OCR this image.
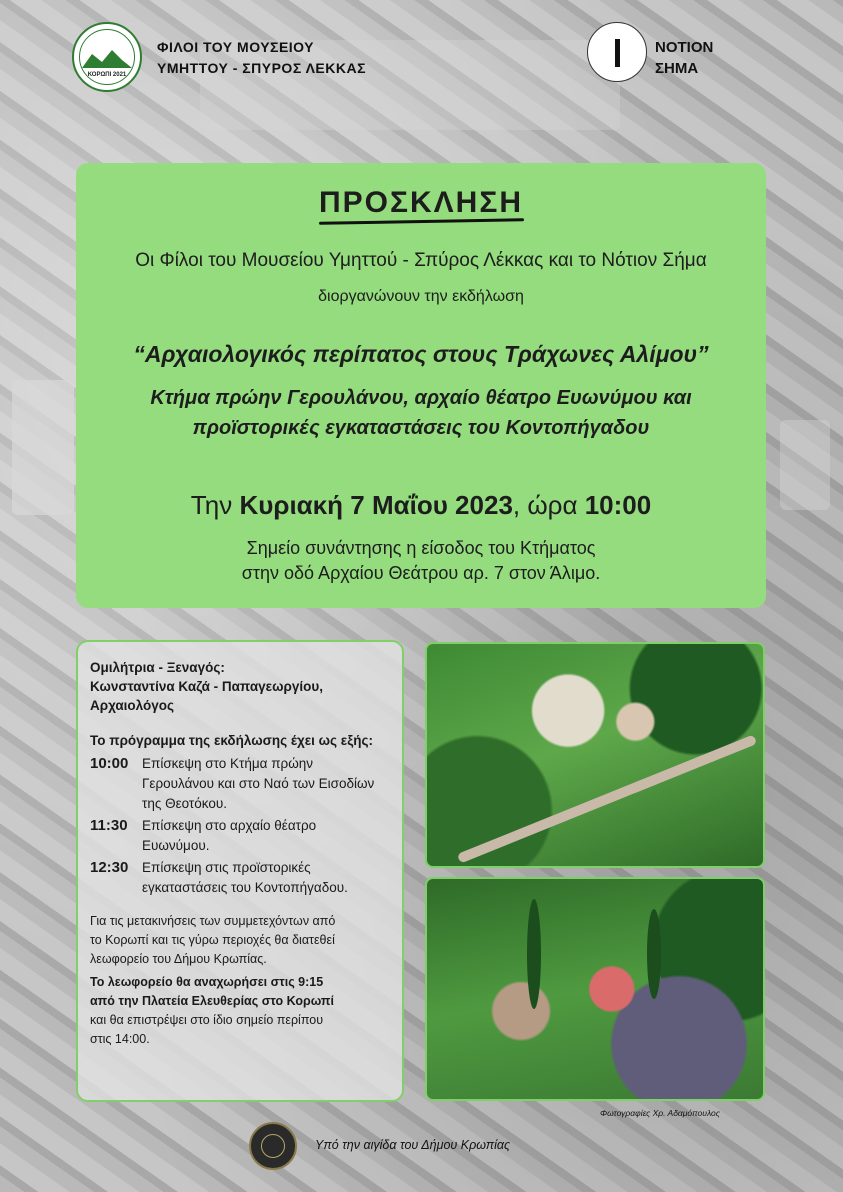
ΚΟΡΩΠΙ 2021
ΦΙΛΟΙ ΤΟΥ ΜΟΥΣΕΙΟΥ
ΥΜΗΤΤΟΥ - ΣΠΥΡΟΣ ΛΕΚΚΑΣ
ΝΟΤΙΟΝ
ΣΗΜΑ
ΠΡΟΣΚΛΗΣΗ
Οι Φίλοι του Μουσείου Υμηττού - Σπύρος Λέκκας και το Νότιον Σήμα
διοργανώνουν την εκδήλωση
“Αρχαιολογικός περίπατος στους Τράχωνες Αλίμου”
Κτήμα πρώην Γερουλάνου, αρχαίο θέατρο Ευωνύμου και
προϊστορικές εγκαταστάσεις του Κοντοπήγαδου
Την Κυριακή 7 Μαΐου 2023, ώρα 10:00
Σημείο συνάντησης η είσοδος του Κτήματος
στην οδό Αρχαίου Θεάτρου αρ. 7 στον Άλιμο.

Ομιλήτρια - Ξεναγός:

Κωνσταντίνα Καζά - Παπαγεωργίου,

Αρχαιολόγος

Το πρόγραμμα της εκδήλωσης έχει ως εξής:

10:00	Επίσκεψη στο Κτήμα πρώην
Γερουλάνου και στο Ναό των Εισοδίων
της Θεοτόκου.
11:30	Επίσκεψη στο αρχαίο θέατρο
Ευωνύμου.
12:30	Επίσκεψη στις προϊστορικές
εγκαταστάσεις του Κοντοπήγαδου.

Για τις μετακινήσεις των συμμετεχόντων από
το Κορωπί και τις γύρω περιοχές θα διατεθεί
λεωφορείο του Δήμου Κρωπίας.

Το λεωφορείο θα αναχωρήσει στις 9:15
από την Πλατεία Ελευθερίας στο Κορωπί
και θα επιστρέψει στο ίδιο σημείο περίπου
στις 14:00.

Φωτογραφίες Χρ. Αδαμόπουλος
Υπό την αιγίδα του Δήμου Κρωπίας
